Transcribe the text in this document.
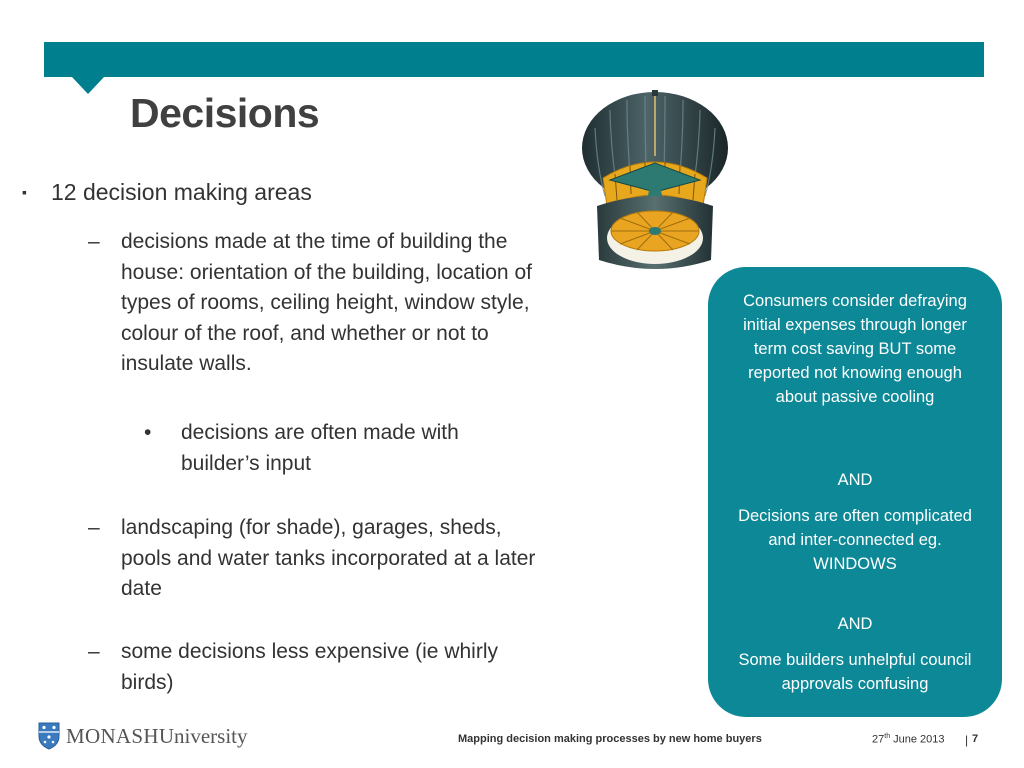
Decisions
▪ 12 decision making areas
– decisions made at the time of building the house: orientation of the building, location of types of rooms, ceiling height, window style, colour of the roof, and whether or not to insulate walls.
• decisions are often made with builder’s input
– landscaping (for shade), garages, sheds, pools and water tanks incorporated at a later date
– some decisions less expensive (ie whirly birds)

Consumers consider defraying initial expenses through longer term cost saving BUT some reported not knowing enough about passive cooling

AND

Decisions are often complicated and inter-connected eg. WINDOWS

AND

Some builders unhelpful council approvals confusing

MONASHUniversity	Mapping decision making processes by new home buyers	27th June 2013 | 7
